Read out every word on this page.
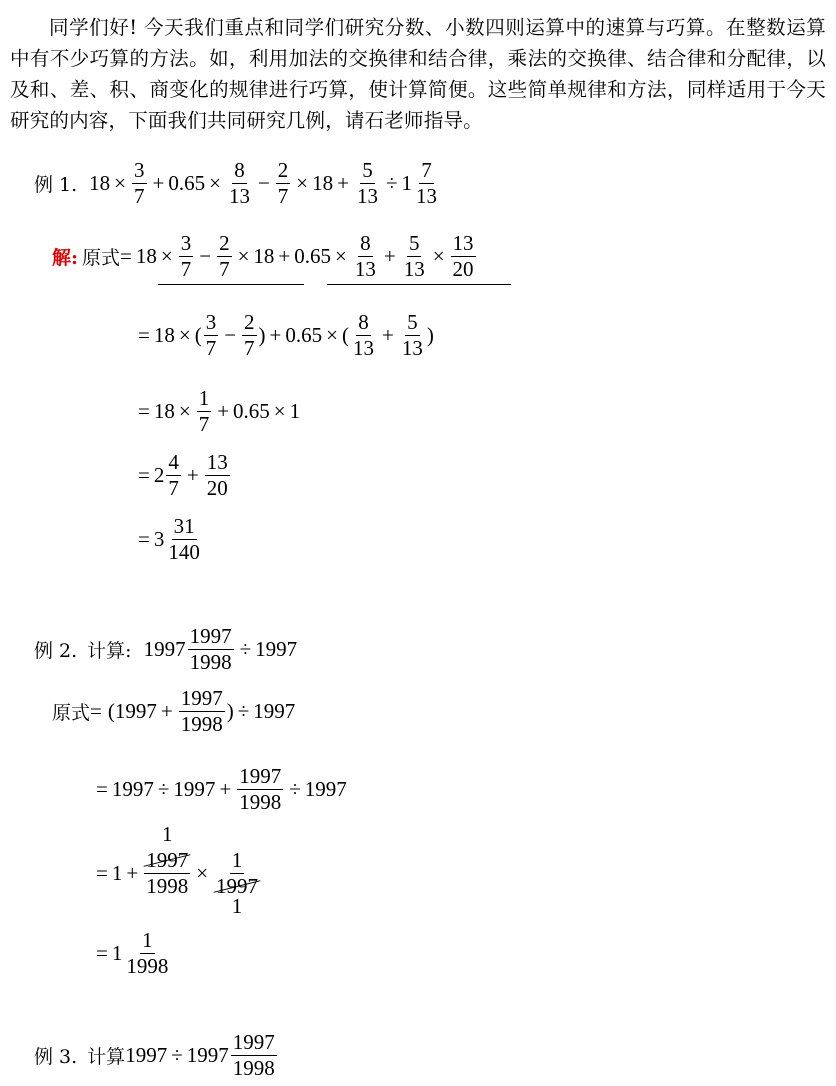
同学们好! 今天我们重点和同学们研究分数、小数四则运算中的速算与巧算。在整数运算中有不少巧算的方法。如，利用加法的交换律和结合律，乘法的交换律、结合律和分配律，以及和、差、积、商变化的规律进行巧算，使计算简便。这些简单规律和方法，同样适用于今天研究的内容，下面我们共同研究几例，请石老师指导。
例 1. $18 \times \frac{3}{7} + 0.65 \times \frac{8}{13} - \frac{2}{7} \times 18 + \frac{5}{13} \div 1 \frac{7}{13}$
解: 原式 = $18 \times \frac{3}{7} - \frac{2}{7} \times 18 + 0.65 \times \frac{8}{13} + \frac{5}{13} \times \frac{13}{20}$
= 18 × ( $\frac{3}{7} - \frac{2}{7}$ ) + 0.65 × ( $\frac{8}{13} + \frac{5}{13}$ )
= $18 \times \frac{1}{7} + 0.65 \times 1$
= $2 \frac{4}{7} + \frac{13}{20}$
= $3 \frac{31}{140}$
例 2. 计算: $1997 \frac{1997}{1998} \div 1997$
原式 = ( $1997 + \frac{1997}{1998}$ ) ÷ 1997
= $1997 \div 1997 + \frac{1997}{1998} \div 1997$
= 1 + 1997
1
1998 × 1
1997
1
= $1 \frac{1}{1998}$
例 3. 计算 $1997 \div 1997 \frac{1997}{1998}$
